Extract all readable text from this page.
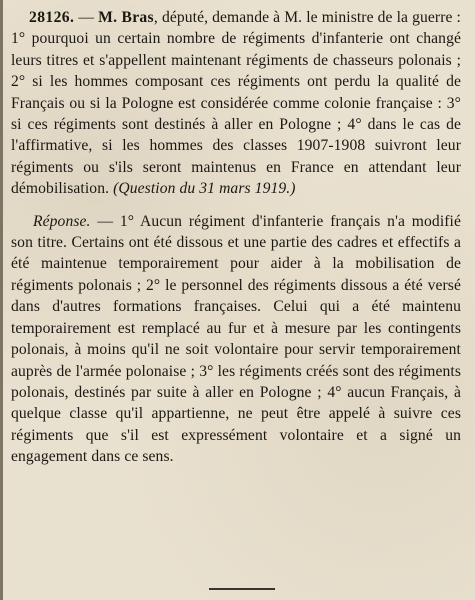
28126. — M. Bras, député, demande à M. le ministre de la guerre : 1° pourquoi un certain nombre de régiments d'infanterie ont changé leurs titres et s'appellent maintenant régiments de chasseurs polonais ; 2° si les hommes composant ces régiments ont perdu la qualité de Français ou si la Pologne est considérée comme colonie française : 3° si ces régiments sont destinés à aller en Pologne ; 4° dans le cas de l'affirmative, si les hommes des classes 1907-1908 suivront leur régiments ou s'ils seront maintenus en France en attendant leur démobilisation. (Question du 31 mars 1919.)

Réponse. — 1° Aucun régiment d'infanterie français n'a modifié son titre. Certains ont été dissous et une partie des cadres et effectifs a été maintenue temporairement pour aider à la mobilisation de régiments polonais ; 2° le personnel des régiments dissous a été versé dans d'autres formations françaises. Celui qui a été maintenu temporairement est remplacé au fur et à mesure par les contingents polonais, à moins qu'il ne soit volontaire pour servir temporairement auprès de l'armée polonaise ; 3° les régiments créés sont des régiments polonais, destinés par suite à aller en Pologne ; 4° aucun Français, à quelque classe qu'il appartienne, ne peut être appelé à suivre ces régiments que s'il est expressément volontaire et a signé un engagement dans ce sens.
